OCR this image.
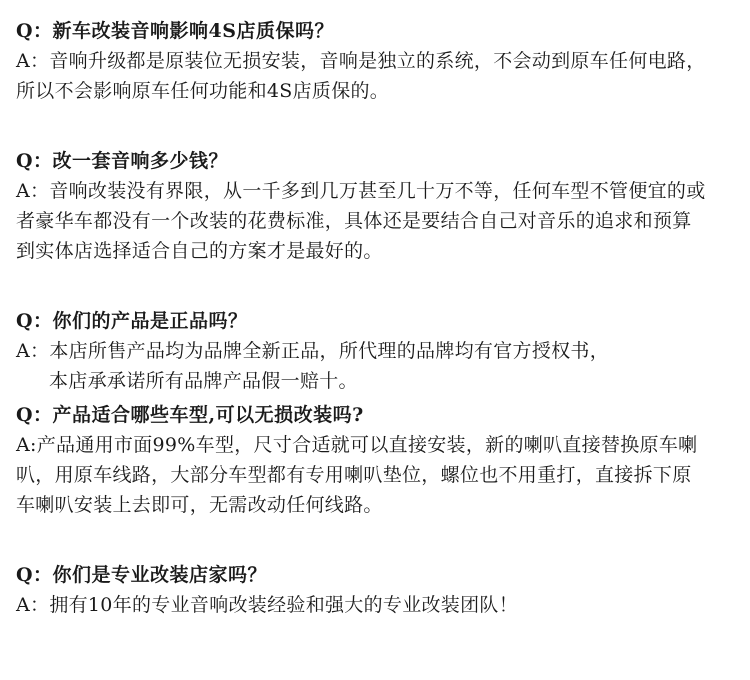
Q：新车改装音响影响4S店质保吗？
A：音响升级都是原装位无损安装，音响是独立的系统，不会动到原车任何电路，
所以不会影响原车任何功能和4S店质保的。
Q：改一套音响多少钱？
A：音响改装没有界限，从一千多到几万甚至几十万不等，任何车型不管便宜的或
者豪华车都没有一个改装的花费标准，具体还是要结合自己对音乐的追求和预算
到实体店选择适合自己的方案才是最好的。
Q：你们的产品是正品吗？
A：本店所售产品均为品牌全新正品，所代理的品牌均有官方授权书，
本店承承诺所有品牌产品假一赔十。
Q：产品适合哪些车型,可以无损改装吗?
A:产品通用市面99%车型，尺寸合适就可以直接安装，新的喇叭直接替换原车喇
叭，用原车线路，大部分车型都有专用喇叭垫位，螺位也不用重打，直接拆下原
车喇叭安装上去即可，无需改动任何线路。
Q：你们是专业改装店家吗？
A：拥有10年的专业音响改装经验和强大的专业改装团队！
